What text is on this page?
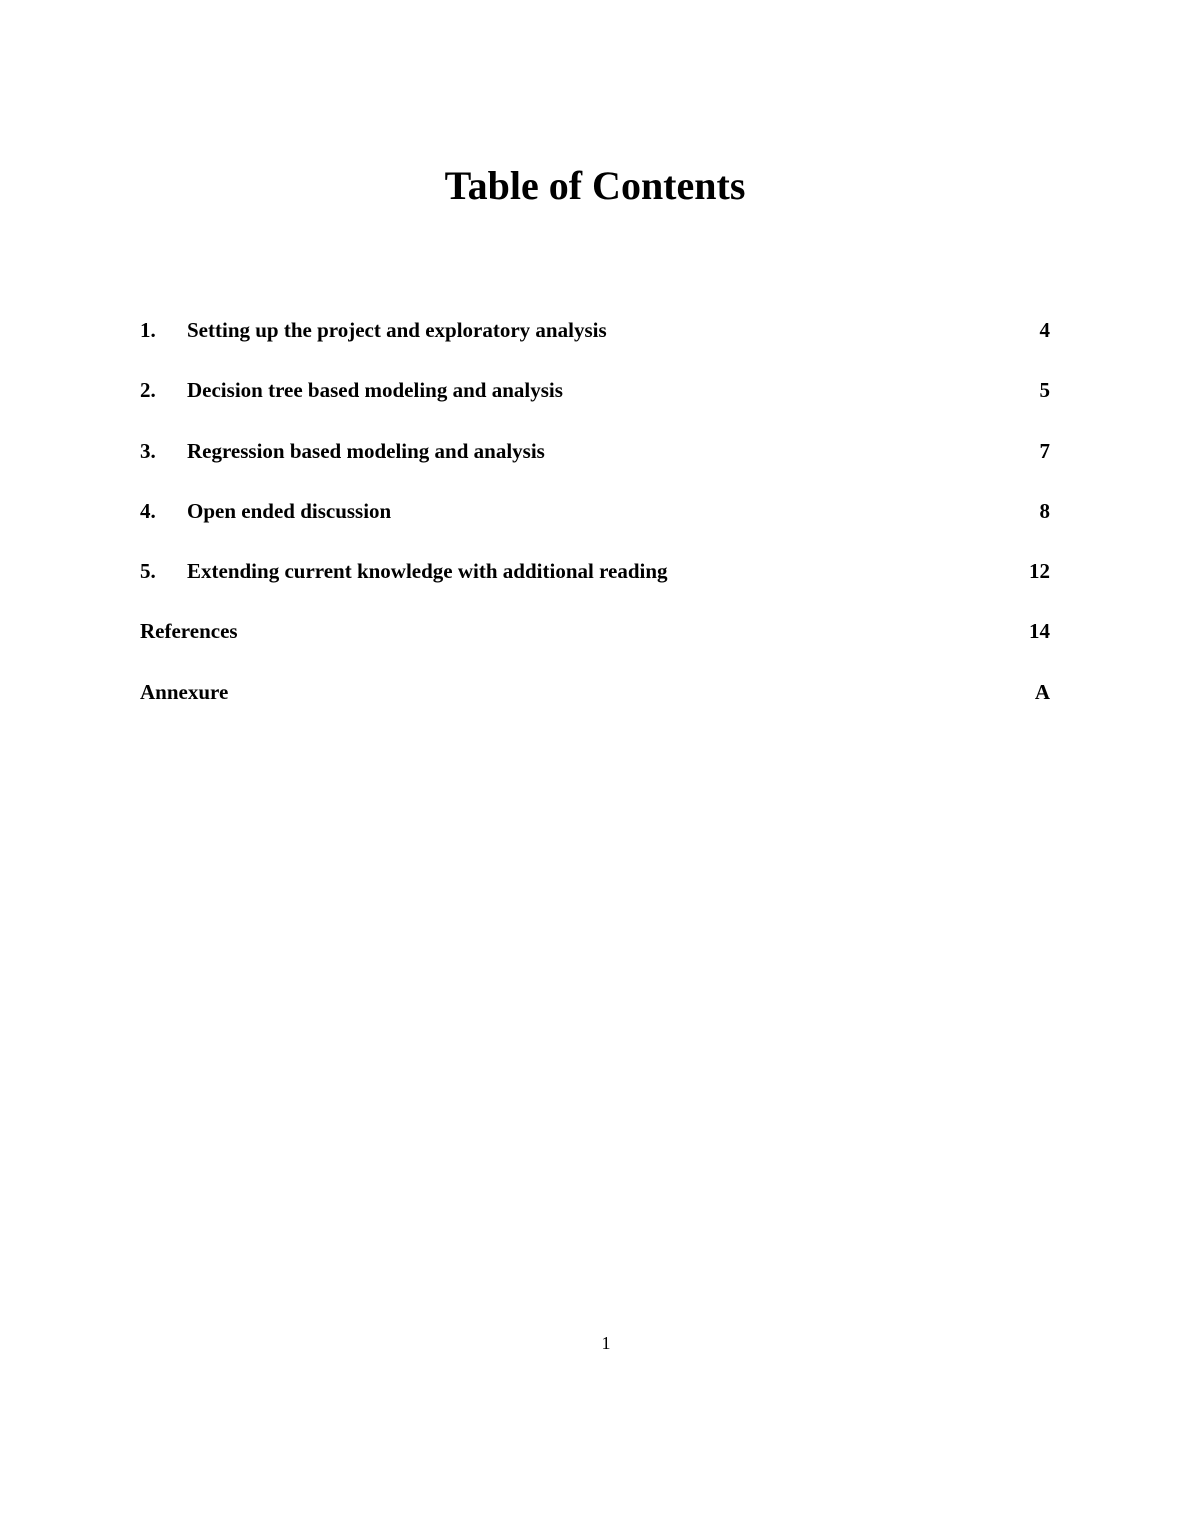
Table of Contents
1. Setting up the project and exploratory analysis	4
2. Decision tree based modeling and analysis	5
3. Regression based modeling and analysis	7
4. Open ended discussion	8
5. Extending current knowledge with additional reading	12
References	14
Annexure	A
1
